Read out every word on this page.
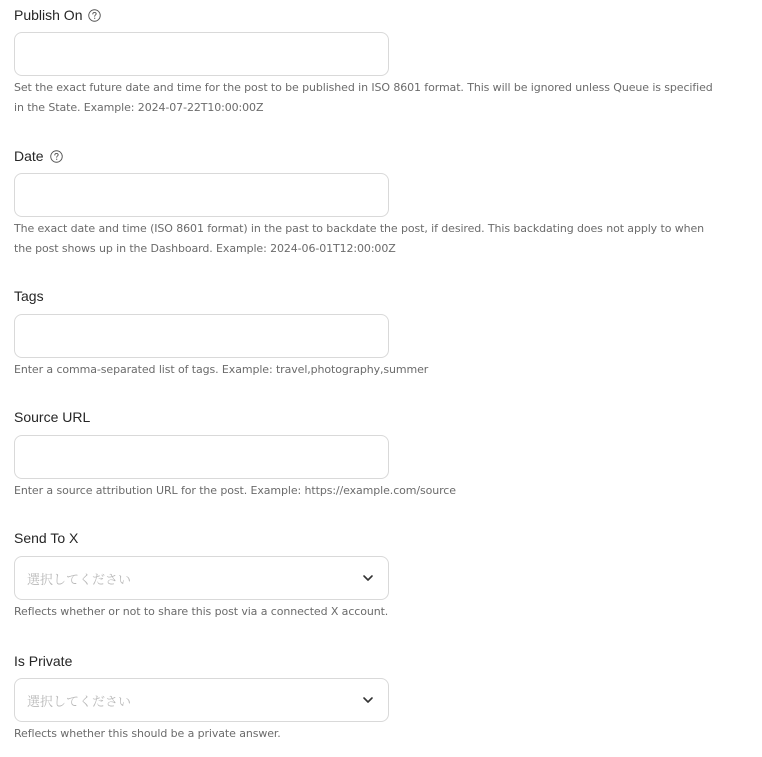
Publish On
Set the exact future date and time for the post to be published in ISO 8601 format. This will be ignored unless Queue is specified in the State. Example: 2024-07-22T10:00:00Z
Date
The exact date and time (ISO 8601 format) in the past to backdate the post, if desired. This backdating does not apply to when the post shows up in the Dashboard. Example: 2024-06-01T12:00:00Z
Tags
Enter a comma-separated list of tags. Example: travel,photography,summer
Source URL
Enter a source attribution URL for the post. Example: https://example.com/source
Send To X
選択してください
Reflects whether or not to share this post via a connected X account.
Is Private
選択してください
Reflects whether this should be a private answer.
